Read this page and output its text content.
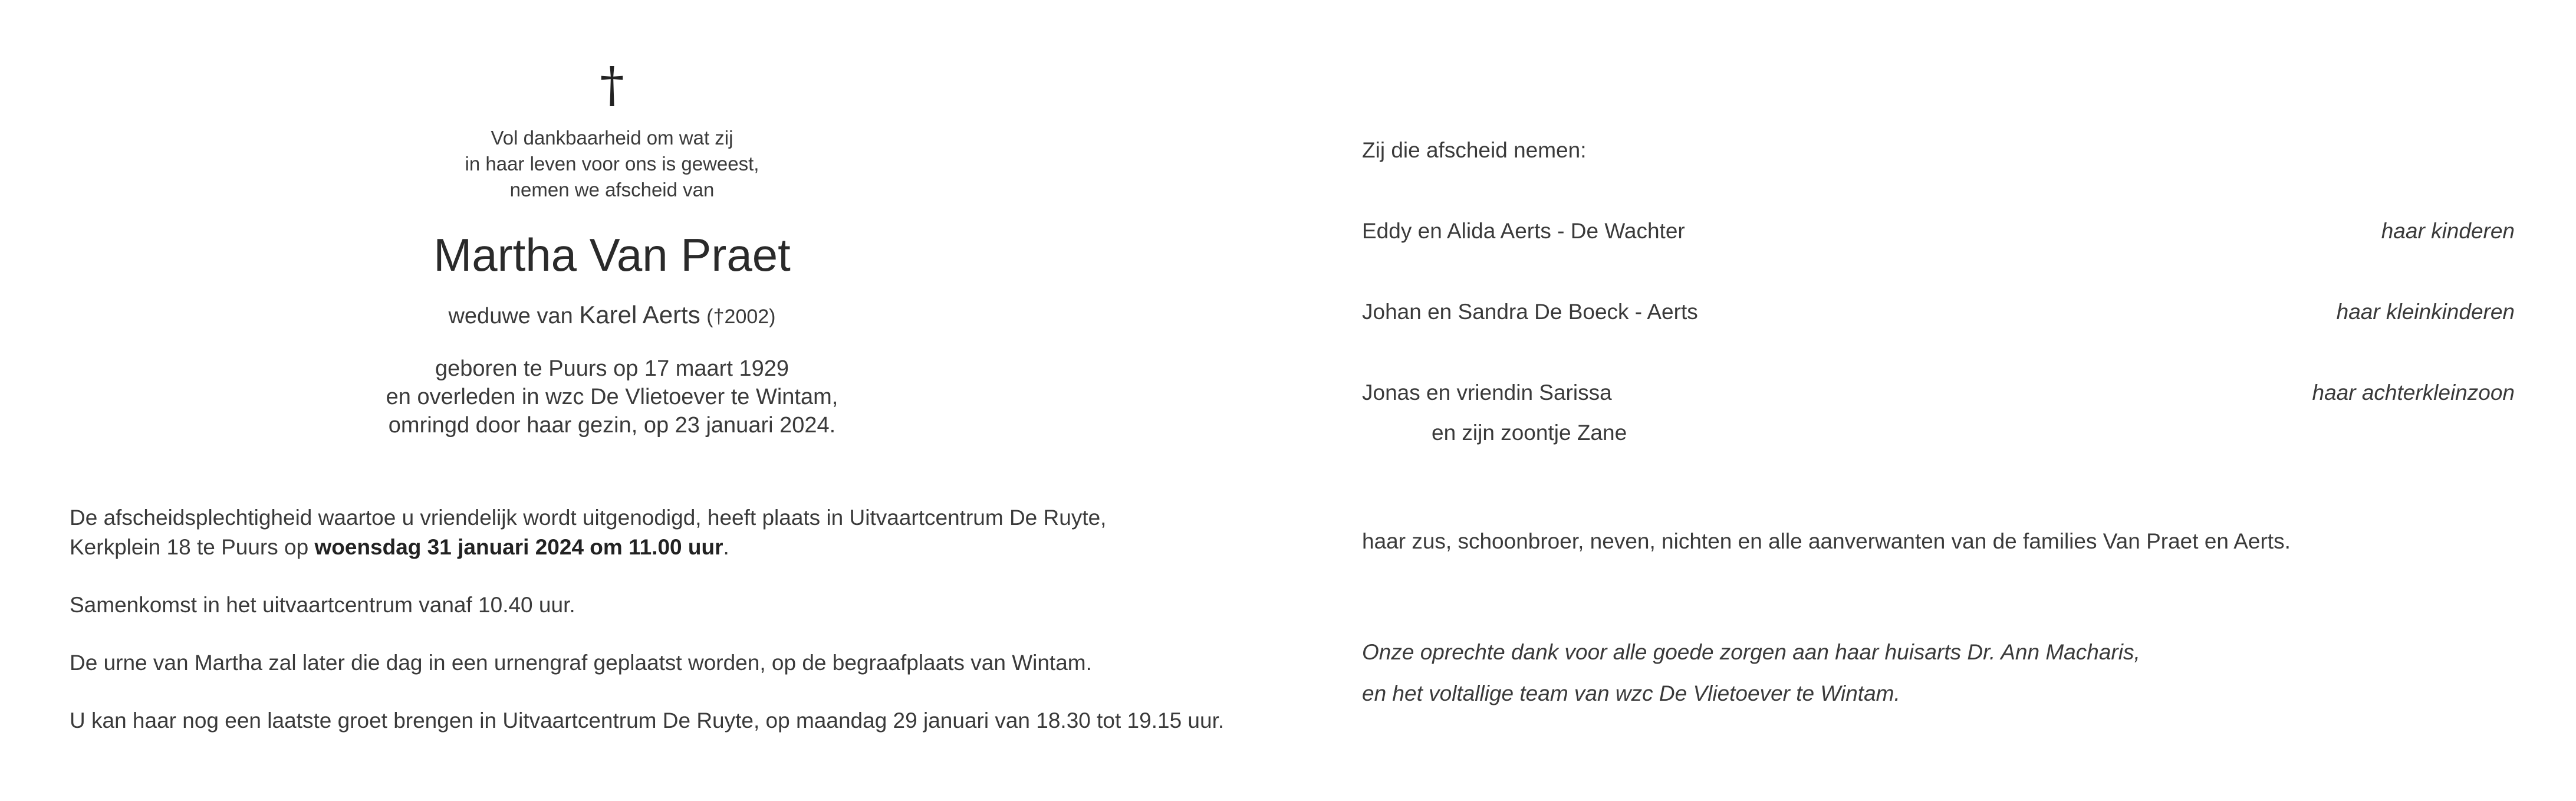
†
Vol dankbaarheid om wat zij
in haar leven voor ons is geweest,
nemen we afscheid van
Martha Van Praet
weduwe van Karel Aerts (†2002)
geboren te Puurs op 17 maart 1929
en overleden in wzc De Vlietoever te Wintam,
omringd door haar gezin, op 23 januari 2024.
De afscheidsplechtigheid waartoe u vriendelijk wordt uitgenodigd, heeft plaats in Uitvaartcentrum De Ruyte,
Kerkplein 18 te Puurs op woensdag 31 januari 2024 om 11.00 uur.
Samenkomst in het uitvaartcentrum vanaf 10.40 uur.
De urne van Martha zal later die dag in een urnengraf geplaatst worden, op de begraafplaats van Wintam.
U kan haar nog een laatste groet brengen in Uitvaartcentrum De Ruyte, op maandag 29 januari van 18.30 tot 19.15 uur.
Zij die afscheid nemen:
Eddy en Alida Aerts - De Wachter	haar kinderen
Johan en Sandra De Boeck - Aerts	haar kleinkinderen
Jonas en vriendin Sarissa	haar achterkleinzoon
en zijn zoontje Zane
haar zus, schoonbroer, neven, nichten en alle aanverwanten van de families Van Praet en Aerts.
Onze oprechte dank voor alle goede zorgen aan haar huisarts Dr. Ann Macharis,
en het voltallige team van wzc De Vlietoever te Wintam.
